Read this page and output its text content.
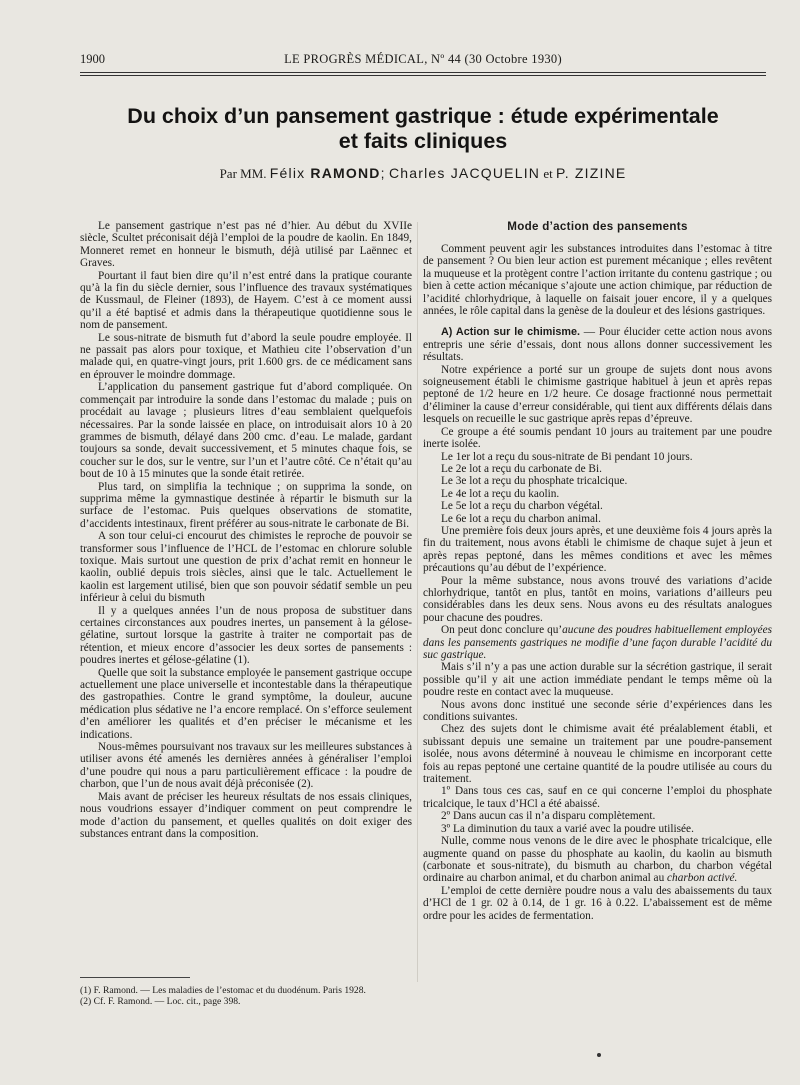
1900	LE PROGRÈS MÉDICAL, Nº 44 (30 Octobre 1930)
Du choix d’un pansement gastrique : étude expérimentale
et faits cliniques
Par MM. Félix RAMOND; Charles JACQUELIN et P. ZIZINE

Le pansement gastrique n’est pas né d’hier. Au début du XVIIe siècle, Scultet préconisait déjà l’emploi de la poudre de kaolin. En 1849, Monneret remet en honneur le bismuth, déjà utilisé par Laënnec et Graves.

Pourtant il faut bien dire qu’il n’est entré dans la pratique courante qu’à la fin du siècle dernier, sous l’influence des travaux systématiques de Kussmaul, de Fleiner (1893), de Hayem. C’est à ce moment aussi qu’il a été baptisé et admis dans la thérapeutique quotidienne sous le nom de pansement.

Le sous-nitrate de bismuth fut d’abord la seule poudre employée. Il ne passait pas alors pour toxique, et Mathieu cite l’observation d’un malade qui, en quatre-vingt jours, prit 1.600 grs. de ce médicament sans en éprouver le moindre dommage.

L’application du pansement gastrique fut d’abord compliquée. On commençait par introduire la sonde dans l’estomac du malade ; puis on procédait au lavage ; plusieurs litres d’eau semblaient quelquefois nécessaires. Par la sonde laissée en place, on introduisait alors 10 à 20 grammes de bismuth, délayé dans 200 cmc. d’eau. Le malade, gardant toujours sa sonde, devait successivement, et 5 minutes chaque fois, se coucher sur le dos, sur le ventre, sur l’un et l’autre côté. Ce n’était qu’au bout de 10 à 15 minutes que la sonde était retirée.

Plus tard, on simplifia la technique ; on supprima la sonde, on supprima même la gymnastique destinée à répartir le bismuth sur la surface de l’estomac. Puis quelques observations de stomatite, d’accidents intestinaux, firent préférer au sous-nitrate le carbonate de Bi.

A son tour celui-ci encourut des chimistes le reproche de pouvoir se transformer sous l’influence de l’HCL de l’estomac en chlorure soluble toxique. Mais surtout une question de prix d’achat remit en honneur le kaolin, oublié depuis trois siècles, ainsi que le talc. Actuellement le kaolin est largement utilisé, bien que son pouvoir sédatif semble un peu inférieur à celui du bismuth

Il y a quelques années l’un de nous proposa de substituer dans certaines circonstances aux poudres inertes, un pansement à la gélose-gélatine, surtout lorsque la gastrite à traiter ne comportait pas de rétention, et mieux encore d’associer les deux sortes de pansements : poudres inertes et gélose-gélatine (1).

Quelle que soit la substance employée le pansement gastrique occupe actuellement une place universelle et incontestable dans la thérapeutique des gastropathies. Contre le grand symptôme, la douleur, aucune médication plus sédative ne l’a encore remplacé. On s’efforce seulement d’en améliorer les qualités et d’en préciser le mécanisme et les indications.

Nous-mêmes poursuivant nos travaux sur les meilleures substances à utiliser avons été amenés les dernières années à généraliser l’emploi d’une poudre qui nous a paru particulièrement efficace : la poudre de charbon, que l’un de nous avait déjà préconisée (2).

Mais avant de préciser les heureux résultats de nos essais cliniques, nous voudrions essayer d’indiquer comment on peut comprendre le mode d’action du pansement, et quelles qualités on doit exiger des substances entrant dans la composition.

(1) F. Ramond. — Les maladies de l’estomac et du duodénum. Paris 1928.

(2) Cf. F. Ramond. — Loc. cit., page 398.

Mode d’action des pansements

Comment peuvent agir les substances introduites dans l’estomac à titre de pansement ? Ou bien leur action est purement mécanique ; elles revêtent la muqueuse et la protègent contre l’action irritante du contenu gastrique ; ou bien à cette action mécanique s’ajoute une action chimique, par réduction de l’acidité chlorhydrique, à laquelle on faisait jouer encore, il y a quelques années, le rôle capital dans la genèse de la douleur et des lésions gastriques.

A) Action sur le chimisme. — Pour élucider cette action nous avons entrepris une série d’essais, dont nous allons donner successivement les résultats.

Notre expérience a porté sur un groupe de sujets dont nous avons soigneusement établi le chimisme gastrique habituel à jeun et après repas peptoné de 1/2 heure en 1/2 heure. Ce dosage fractionné nous permettait d’éliminer la cause d’erreur considérable, qui tient aux différents délais dans lesquels on recueille le suc gastrique après repas d’épreuve.

Ce groupe a été soumis pendant 10 jours au traitement par une poudre inerte isolée.

Le 1er lot a reçu du sous-nitrate de Bi pendant 10 jours.

Le 2e lot a reçu du carbonate de Bi.

Le 3e lot a reçu du phosphate tricalcique.

Le 4e lot a reçu du kaolin.

Le 5e lot a reçu du charbon végétal.

Le 6e lot a reçu du charbon animal.

Une première fois deux jours après, et une deuxième fois 4 jours après la fin du traitement, nous avons établi le chimisme de chaque sujet à jeun et après repas peptoné, dans les mêmes conditions et avec les mêmes précautions qu’au début de l’expérience.

Pour la même substance, nous avons trouvé des variations d’acide chlorhydrique, tantôt en plus, tantôt en moins, variations d’ailleurs peu considérables dans les deux sens. Nous avons eu des résultats analogues pour chacune des poudres.

On peut donc conclure qu’aucune des poudres habituellement employées dans les pansements gastriques ne modifie d’une façon durable l’acidité du suc gastrique.

Mais s’il n’y a pas une action durable sur la sécrétion gastrique, il serait possible qu’il y ait une action immédiate pendant le temps même où la poudre reste en contact avec la muqueuse.

Nous avons donc institué une seconde série d’expériences dans les conditions suivantes.

Chez des sujets dont le chimisme avait été préalablement établi, et subissant depuis une semaine un traitement par une poudre-pansement isolée, nous avons déterminé à nouveau le chimisme en incorporant cette fois au repas peptoné une certaine quantité de la poudre utilisée au cours du traitement.

1º Dans tous ces cas, sauf en ce qui concerne l’emploi du phosphate tricalcique, le taux d’HCl a été abaissé.

2º Dans aucun cas il n’a disparu complètement.

3º La diminution du taux a varié avec la poudre utilisée.

Nulle, comme nous venons de le dire avec le phosphate tricalcique, elle augmente quand on passe du phosphate au kaolin, du kaolin au bismuth (carbonate et sous-nitrate), du bismuth au charbon, du charbon végétal ordinaire au charbon animal, et du charbon animal au charbon activé.

L’emploi de cette dernière poudre nous a valu des abaissements du taux d’HCl de 1 gr. 02 à 0.14, de 1 gr. 16 à 0.22. L’abaissement est de même ordre pour les acides de fermentation.
